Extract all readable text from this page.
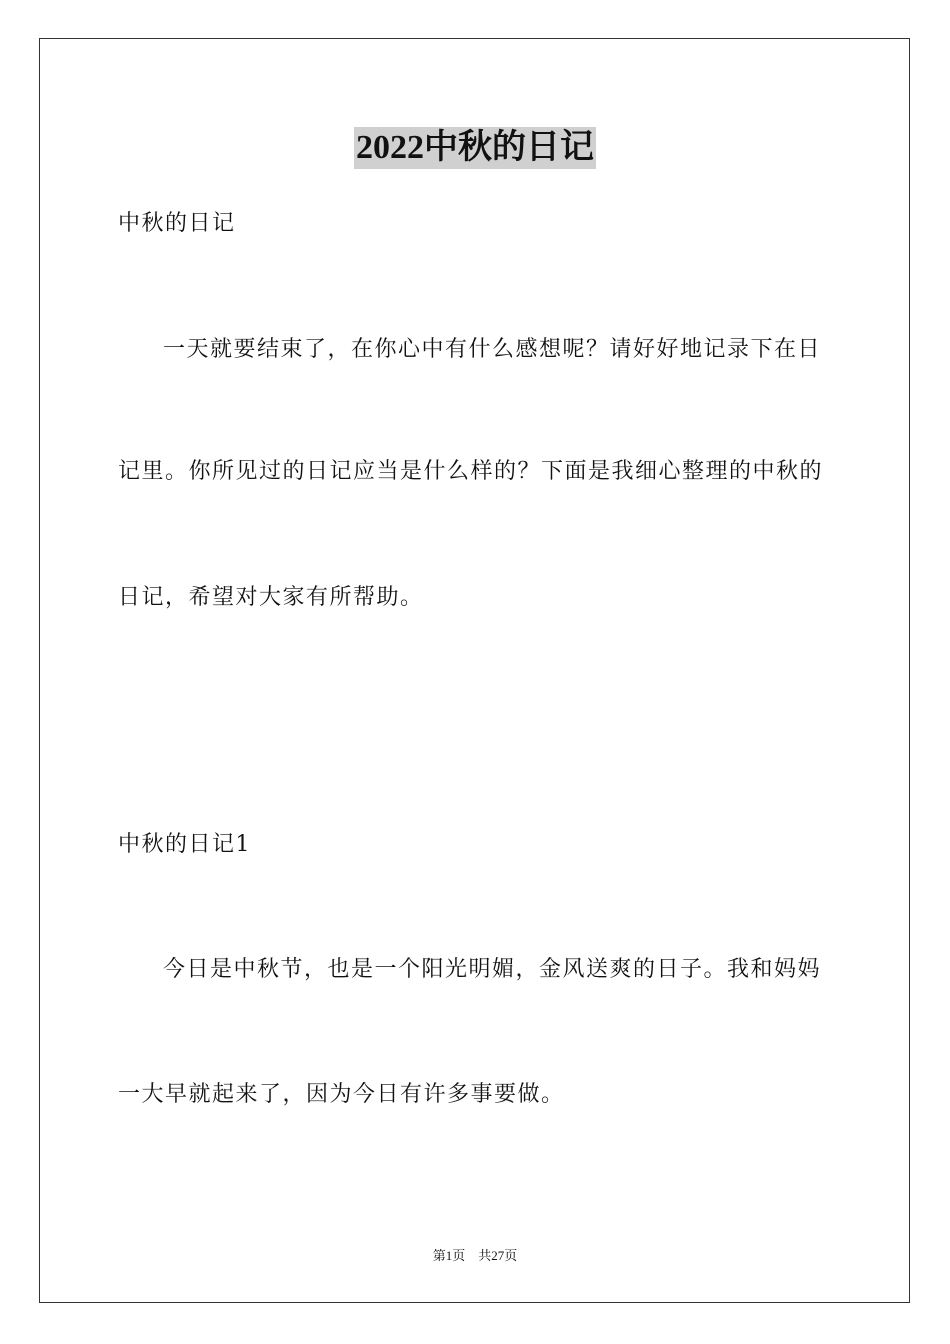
2022中秋的日记
中秋的日记
一天就要结束了，在你心中有什么感想呢？请好好地记录下在日
记里。你所见过的日记应当是什么样的？下面是我细心整理的中秋的
日记，希望对大家有所帮助。
中秋的日记1
今日是中秋节，也是一个阳光明媚，金风送爽的日子。我和妈妈
一大早就起来了，因为今日有许多事要做。
第1页 共27页
